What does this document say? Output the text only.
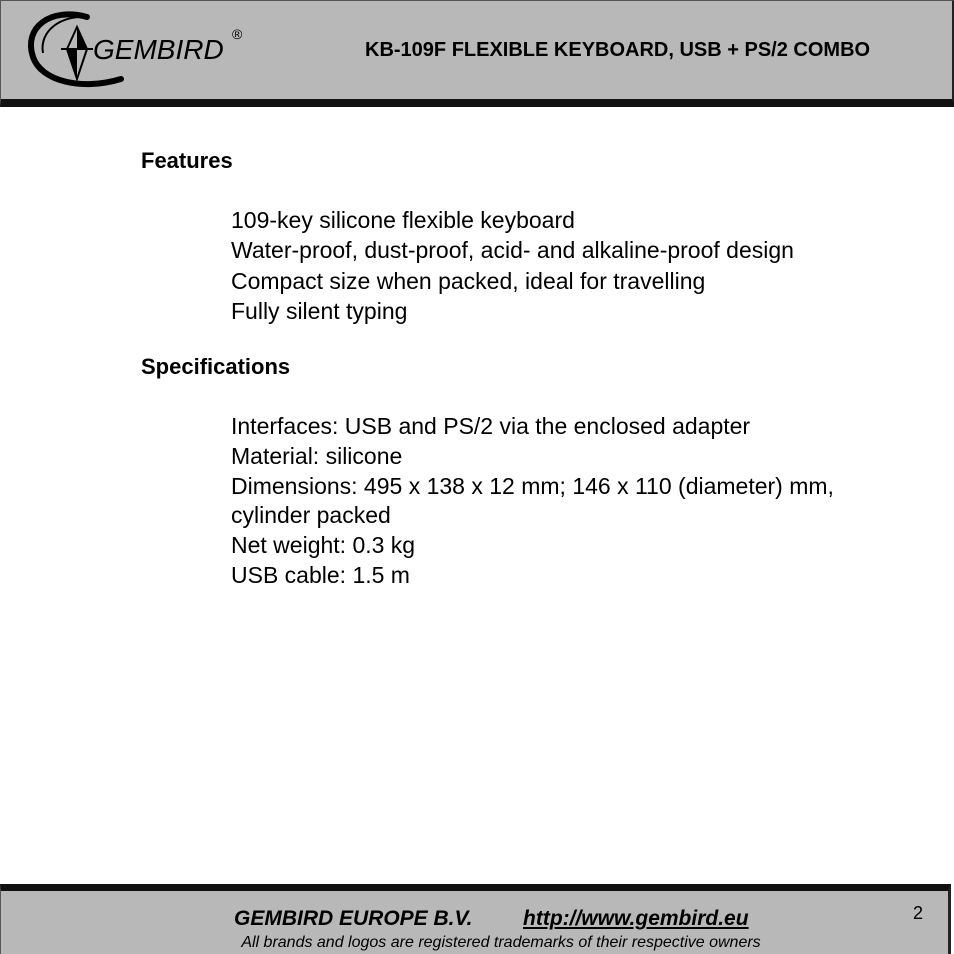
GEMBIRD ®
KB-109F FLEXIBLE KEYBOARD, USB + PS/2 COMBO
Features
109-key silicone flexible keyboard
Water-proof, dust-proof, acid- and alkaline-proof design
Compact size when packed, ideal for travelling
Fully silent typing
Specifications
Interfaces: USB and PS/2 via the enclosed adapter
Material: silicone
Dimensions: 495 x 138 x 12 mm; 146 x 110 (diameter) mm, cylinder packed
Net weight: 0.3 kg
USB cable: 1.5 m
GEMBIRD EUROPE B.V. http://www.gembird.eu
All brands and logos are registered trademarks of their respective owners
2
